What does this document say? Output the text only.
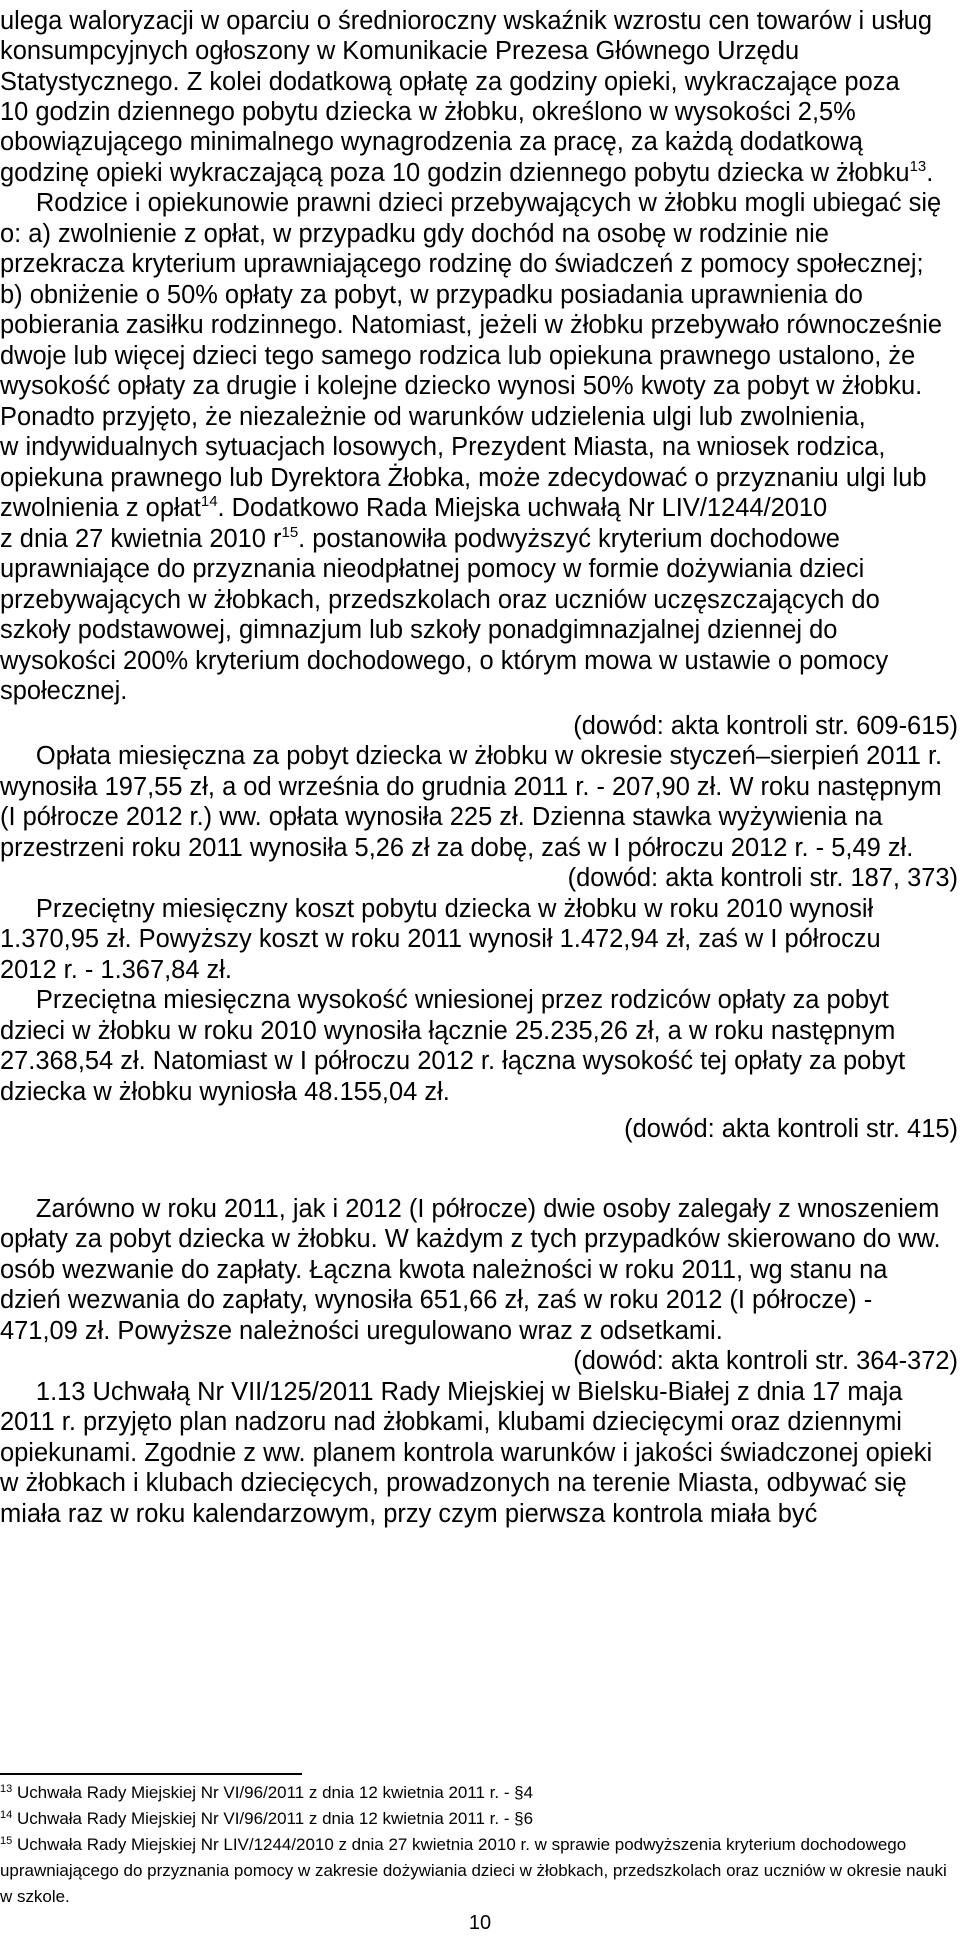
ulega waloryzacji w oparciu o średnioroczny wskaźnik wzrostu cen towarów i usług
konsumpcyjnych ogłoszony w Komunikacie Prezesa Głównego Urzędu
Statystycznego. Z kolei dodatkową opłatę za godziny opieki, wykraczające poza
10 godzin dziennego pobytu dziecka w żłobku, określono w wysokości 2,5%
obowiązującego minimalnego wynagrodzenia za pracę, za każdą dodatkową
godzinę opieki wykraczającą poza 10 godzin dziennego pobytu dziecka w żłobku$^{13}$.
Rodzice i opiekunowie prawni dzieci przebywających w żłobku mogli ubiegać się
o: a) zwolnienie z opłat, w przypadku gdy dochód na osobę w rodzinie nie
przekracza kryterium uprawniającego rodzinę do świadczeń z pomocy społecznej;
b) obniżenie o 50% opłaty za pobyt, w przypadku posiadania uprawnienia do
pobierania zasiłku rodzinnego. Natomiast, jeżeli w żłobku przebywało równocześnie
dwoje lub więcej dzieci tego samego rodzica lub opiekuna prawnego ustalono, że
wysokość opłaty za drugie i kolejne dziecko wynosi 50% kwoty za pobyt w żłobku.
Ponadto przyjęto, że niezależnie od warunków udzielenia ulgi lub zwolnienia,
w indywidualnych sytuacjach losowych, Prezydent Miasta, na wniosek rodzica,
opiekuna prawnego lub Dyrektora Żłobka, może zdecydować o przyznaniu ulgi lub
zwolnienia z opłat$^{14}$. Dodatkowo Rada Miejska uchwałą Nr LIV/1244/2010
z dnia 27 kwietnia 2010 $r^{15}$. postanowiła podwyższyć kryterium dochodowe
uprawniające do przyznania nieodpłatnej pomocy w formie dożywiania dzieci
przebywających w żłobkach, przedszkolach oraz uczniów uczęszczających do
szkoły podstawowej, gimnazjum lub szkoły ponadgimnazjalnej dziennej do
wysokości 200% kryterium dochodowego, o którym mowa w ustawie o pomocy
społecznej.
(dowód: akta kontroli str. 609-615)
Opłata miesięczna za pobyt dziecka w żłobku w okresie styczeń–sierpień 2011 r.
wynosiła 197,55 zł, a od września do grudnia 2011 r. - 207,90 zł. W roku następnym
(I półrocze 2012 r.) ww. opłata wynosiła 225 zł. Dzienna stawka wyżywienia na
przestrzeni roku 2011 wynosiła 5,26 zł za dobę, zaś w I półroczu 2012 r. - 5,49 zł.
(dowód: akta kontroli str. 187, 373)
Przeciętny miesięczny koszt pobytu dziecka w żłobku w roku 2010 wynosił
1.370,95 zł. Powyższy koszt w roku 2011 wynosił 1.472,94 zł, zaś w I półroczu
2012 r. - 1.367,84 zł.
Przeciętna miesięczna wysokość wniesionej przez rodziców opłaty za pobyt
dzieci w żłobku w roku 2010 wynosiła łącznie 25.235,26 zł, a w roku następnym
27.368,54 zł. Natomiast w I półroczu 2012 r. łączna wysokość tej opłaty za pobyt
dziecka w żłobku wyniosła 48.155,04 zł.
(dowód: akta kontroli str. 415)
Zarówno w roku 2011, jak i 2012 (I półrocze) dwie osoby zalegały z wnoszeniem
opłaty za pobyt dziecka w żłobku. W każdym z tych przypadków skierowano do ww.
osób wezwanie do zapłaty. Łączna kwota należności w roku 2011, wg stanu na
dzień wezwania do zapłaty, wynosiła 651,66 zł, zaś w roku 2012 (I półrocze) -
471,09 zł. Powyższe należności uregulowano wraz z odsetkami.
(dowód: akta kontroli str. 364-372)
1.13 Uchwałą Nr VII/125/2011 Rady Miejskiej w Bielsku-Białej z dnia 17 maja
2011 r. przyjęto plan nadzoru nad żłobkami, klubami dziecięcymi oraz dziennymi
opiekunami. Zgodnie z ww. planem kontrola warunków i jakości świadczonej opieki
w żłobkach i klubach dziecięcych, prowadzonych na terenie Miasta, odbywać się
miała raz w roku kalendarzowym, przy czym pierwsza kontrola miała być
$^{13}$ Uchwała Rady Miejskiej Nr VI/96/2011 z dnia 12 kwietnia 2011 r. - §4
$^{14}$ Uchwała Rady Miejskiej Nr VI/96/2011 z dnia 12 kwietnia 2011 r. - §6
$^{15}$ Uchwała Rady Miejskiej Nr LIV/1244/2010 z dnia 27 kwietnia 2010 r. w sprawie podwyższenia kryterium dochodowego
uprawniającego do przyznania pomocy w zakresie dożywiania dzieci w żłobkach, przedszkolach oraz uczniów w okresie nauki
w szkole.
10
